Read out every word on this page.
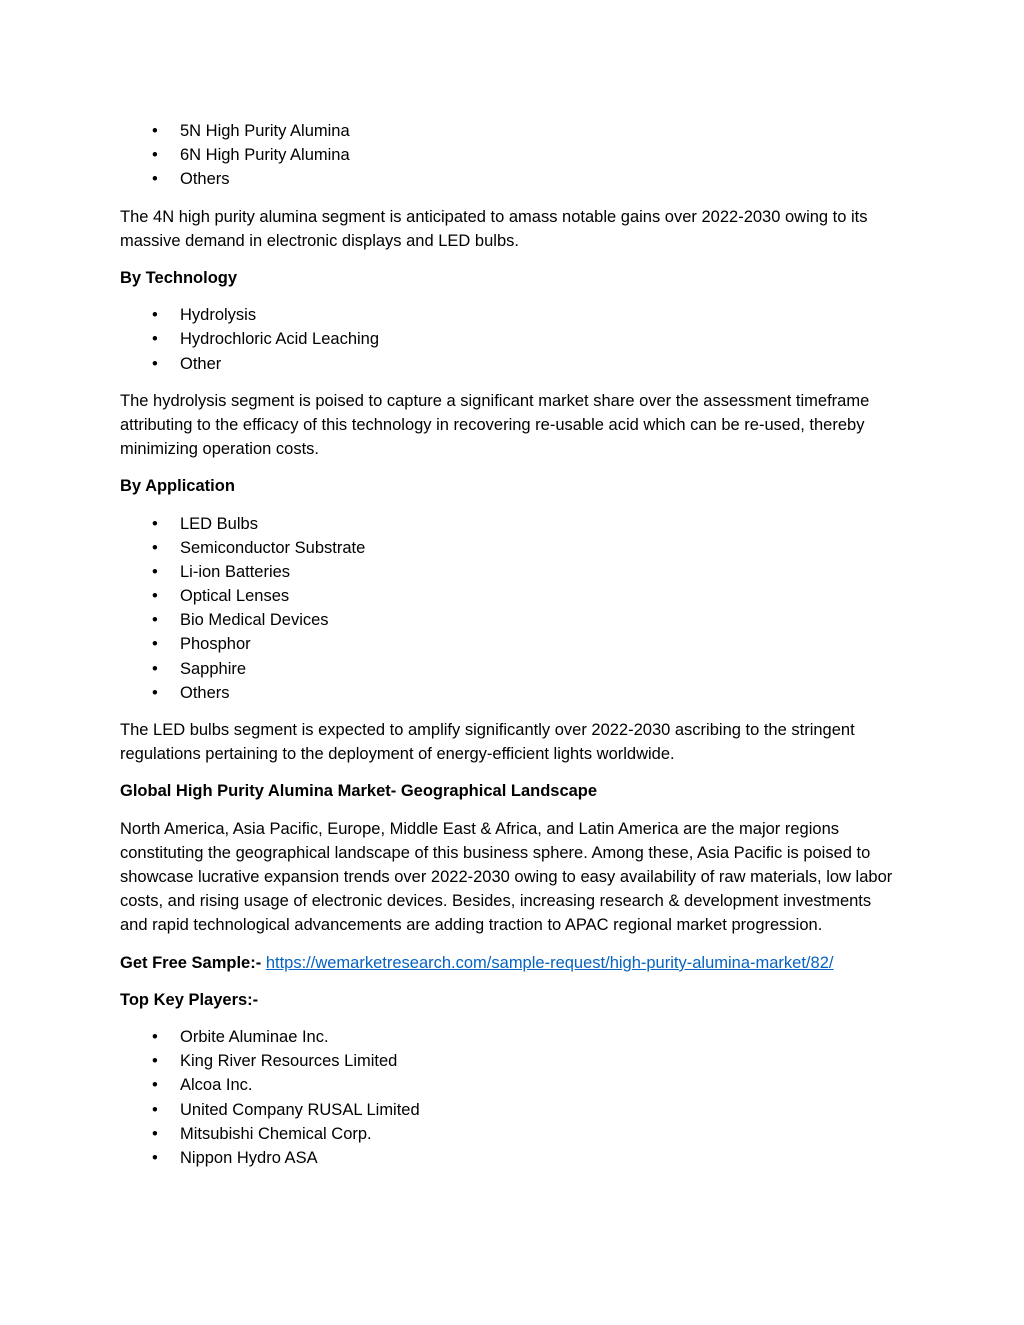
• 5N High Purity Alumina
• 6N High Purity Alumina
• Others

The 4N high purity alumina segment is anticipated to amass notable gains over 2022-2030 owing to its massive demand in electronic displays and LED bulbs.

By Technology

• Hydrolysis
• Hydrochloric Acid Leaching
• Other

The hydrolysis segment is poised to capture a significant market share over the assessment timeframe attributing to the efficacy of this technology in recovering re-usable acid which can be re-used, thereby minimizing operation costs.

By Application

• LED Bulbs
• Semiconductor Substrate
• Li-ion Batteries
• Optical Lenses
• Bio Medical Devices
• Phosphor
• Sapphire
• Others

The LED bulbs segment is expected to amplify significantly over 2022-2030 ascribing to the stringent regulations pertaining to the deployment of energy-efficient lights worldwide.

Global High Purity Alumina Market- Geographical Landscape

North America, Asia Pacific, Europe, Middle East & Africa, and Latin America are the major regions constituting the geographical landscape of this business sphere. Among these, Asia Pacific is poised to showcase lucrative expansion trends over 2022-2030 owing to easy availability of raw materials, low labor costs, and rising usage of electronic devices. Besides, increasing research & development investments and rapid technological advancements are adding traction to APAC regional market progression.

Get Free Sample:- https://wemarketresearch.com/sample-request/high-purity-alumina-market/82/

Top Key Players:-

• Orbite Aluminae Inc.
• King River Resources Limited
• Alcoa Inc.
• United Company RUSAL Limited
• Mitsubishi Chemical Corp.
• Nippon Hydro ASA
